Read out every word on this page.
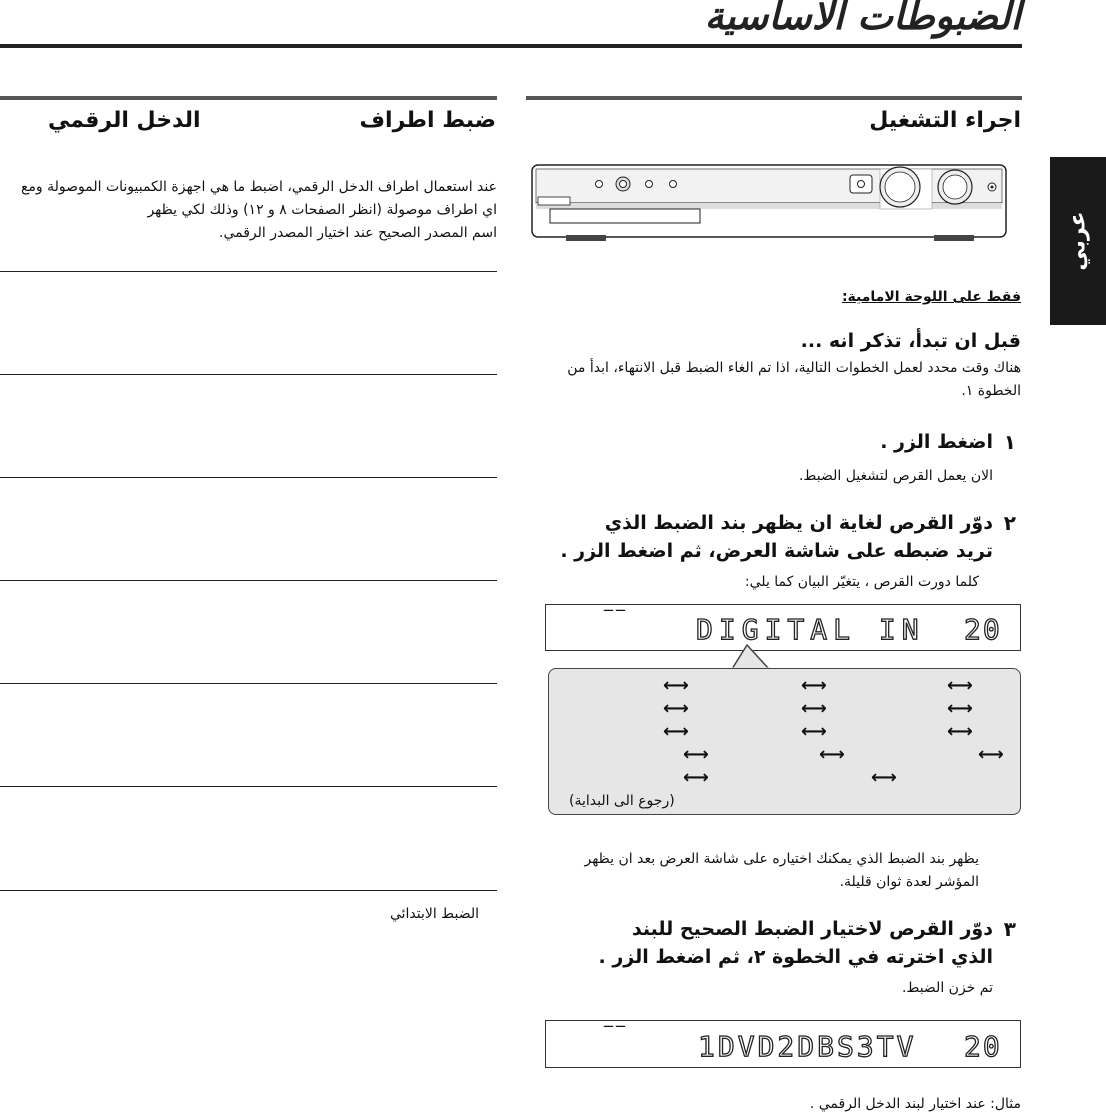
الضبوطات الاساسية
عربي
ضبط اطراف
الدخل الرقمي
عند استعمال اطراف الدخل الرقمي، اضبط ما هي اجهزة الكمبيونات الموصولة ومع
اي اطراف موصولة (انظر الصفحات ٨ و ١٢) وذلك لكي يظهر
اسم المصدر الصحيح عند اختيار المصدر الرقمي.
الضبط الابتدائي
اجراء التشغيل
فقط على اللوحة الامامية:
قبل ان تبدأ، تذكر انه ...
هناك وقت محدد لعمل الخطوات التالية، اذا تم الغاء الضبط قبل الانتهاء، ابدأ من
الخطوة ١.
١
اضغط الزر .
الان يعمل القرص لتشغيل الضبط.
٢
دوّر القرص لغاية ان يظهر بند الضبط الذي
تريد ضبطه على شاشة العرض، ثم اضغط الزر .
كلما دورت القرص ، يتغيّر البيان كما يلي:
‾‾ DIGITAL IN 20
⟷	⟷	⟷
⟷	⟷	⟷
⟷	⟷	⟷
⟷	⟷	⟷
⟷	⟷
(رجوع الى البداية)
يظهر بند الضبط الذي يمكنك اختياره على شاشة العرض بعد ان يظهر
المؤشر لعدة ثوان قليلة.
٣
دوّر القرص لاختيار الضبط الصحيح للبند
الذي اخترته في الخطوة ٢، ثم اضغط الزر .
تم خزن الضبط.
‾‾	1DVD2DBS3TV 20
مثال: عند اختيار لبند الدخل الرقمي .
